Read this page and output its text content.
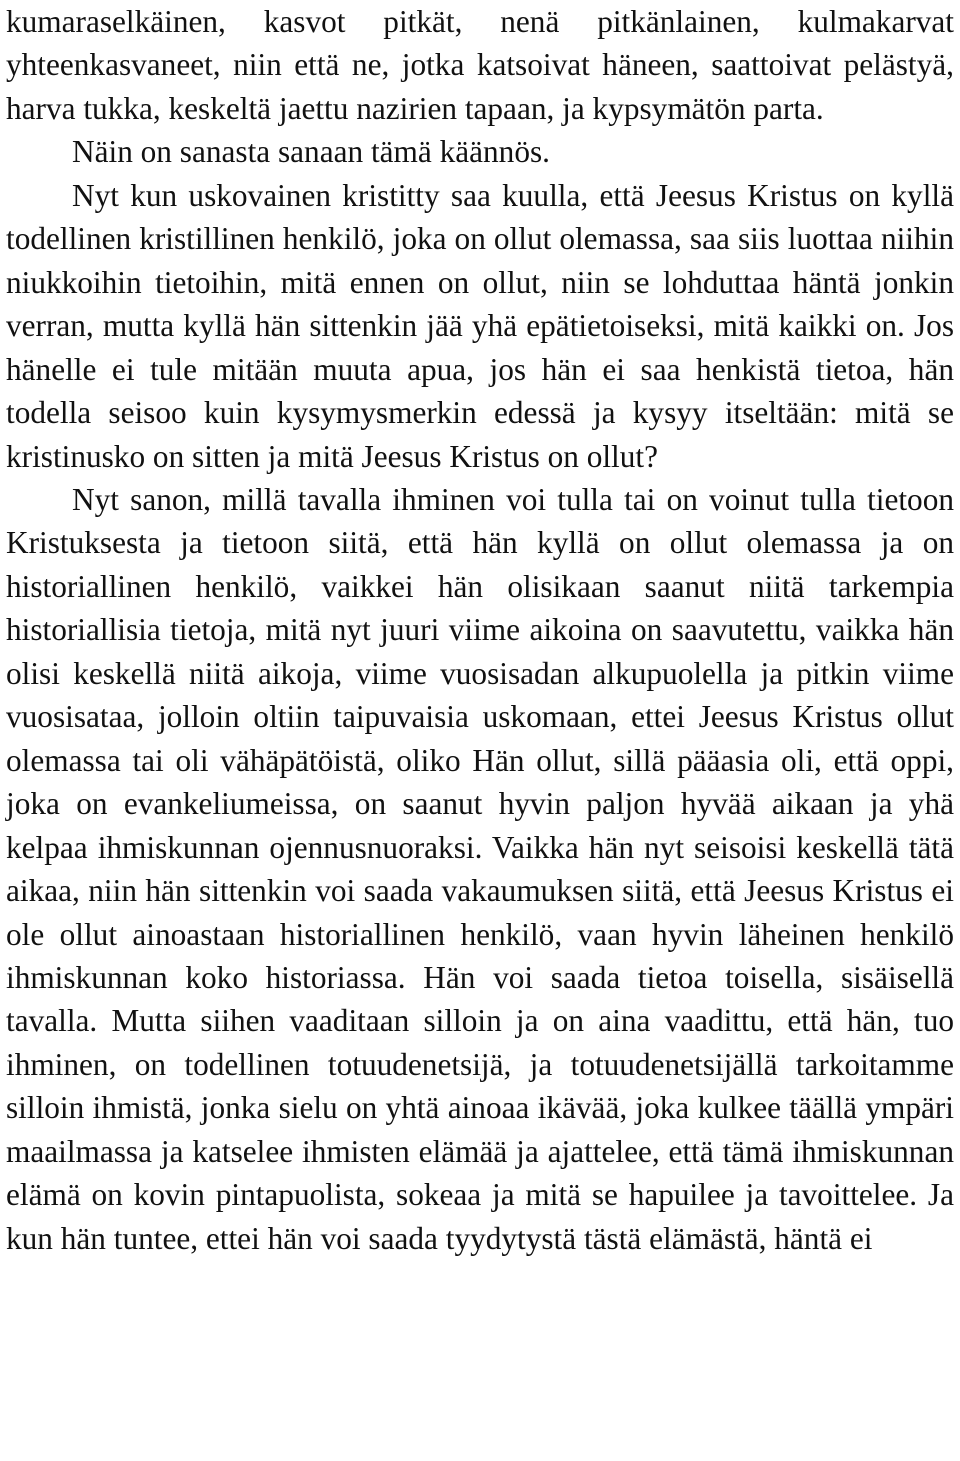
kumaraselkäinen, kasvot pitkät, nenä pitkänlainen, kulmakarvat yhteenkasvaneet, niin että ne, jotka katsoivat häneen, saattoivat pelästyä, harva tukka, keskeltä jaettu nazirien tapaan, ja kypsymätön parta.

Näin on sanasta sanaan tämä käännös.

Nyt kun uskovainen kristitty saa kuulla, että Jeesus Kristus on kyllä todellinen kristillinen henkilö, joka on ollut olemassa, saa siis luottaa niihin niukkoihin tietoihin, mitä ennen on ollut, niin se lohduttaa häntä jonkin verran, mutta kyllä hän sittenkin jää yhä epätietoiseksi, mitä kaikki on. Jos hänelle ei tule mitään muuta apua, jos hän ei saa henkistä tietoa, hän todella seisoo kuin kysymysmerkin edessä ja kysyy itseltään: mitä se kristinusko on sitten ja mitä Jeesus Kristus on ollut?

Nyt sanon, millä tavalla ihminen voi tulla tai on voinut tulla tietoon Kristuksesta ja tietoon siitä, että hän kyllä on ollut olemassa ja on historiallinen henkilö, vaikkei hän olisikaan saanut niitä tarkempia historiallisia tietoja, mitä nyt juuri viime aikoina on saavutettu, vaikka hän olisi keskellä niitä aikoja, viime vuosisadan alkupuolella ja pitkin viime vuosisataa, jolloin oltiin taipuvaisia uskomaan, ettei Jeesus Kristus ollut olemassa tai oli vähäpätöistä, oliko Hän ollut, sillä pääasia oli, että oppi, joka on evankeliumeissa, on saanut hyvin paljon hyvää aikaan ja yhä kelpaa ihmiskunnan ojennusnuoraksi. Vaikka hän nyt seisoisi keskellä tätä aikaa, niin hän sittenkin voi saada vakaumuksen siitä, että Jeesus Kristus ei ole ollut ainoastaan historiallinen henkilö, vaan hyvin läheinen henkilö ihmiskunnan koko historiassa. Hän voi saada tietoa toisella, sisäisellä tavalla. Mutta siihen vaaditaan silloin ja on aina vaadittu, että hän, tuo ihminen, on todellinen totuudenetsijä, ja totuudenetsijällä tarkoitamme silloin ihmistä, jonka sielu on yhtä ainoaa ikävää, joka kulkee täällä ympäri maailmassa ja katselee ihmisten elämää ja ajattelee, että tämä ihmiskunnan elämä on kovin pintapuolista, sokeaa ja mitä se hapuilee ja tavoittelee. Ja kun hän tuntee, ettei hän voi saada tyydytystä tästä elämästä, häntä ei
